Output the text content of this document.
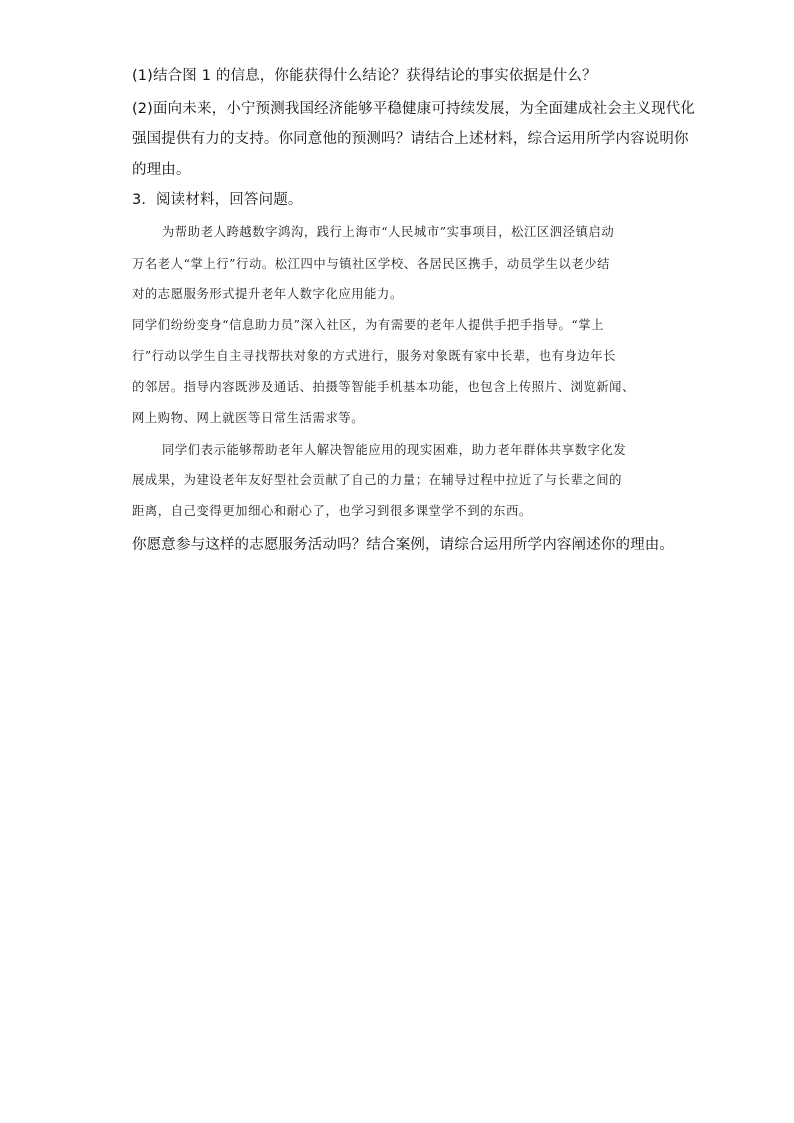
(1)结合图 1 的信息，你能获得什么结论？获得结论的事实依据是什么？
(2)面向未来，小宁预测我国经济能够平稳健康可持续发展，为全面建成社会主义现代化
强国提供有力的支持。你同意他的预测吗？请结合上述材料，综合运用所学内容说明你
的理由。
3．阅读材料，回答问题。
为帮助老人跨越数字鸿沟，践行上海市“人民城市”实事项目，松江区泗泾镇启动
万名老人“掌上行”行动。松江四中与镇社区学校、各居民区携手，动员学生以老少结
对的志愿服务形式提升老年人数字化应用能力。
同学们纷纷变身“信息助力员”深入社区，为有需要的老年人提供手把手指导。“掌上
行”行动以学生自主寻找帮扶对象的方式进行，服务对象既有家中长辈，也有身边年长
的邻居。指导内容既涉及通话、拍摄等智能手机基本功能，也包含上传照片、浏览新闻、
网上购物、网上就医等日常生活需求等。
同学们表示能够帮助老年人解决智能应用的现实困难，助力老年群体共享数字化发
展成果，为建设老年友好型社会贡献了自己的力量；在辅导过程中拉近了与长辈之间的
距离，自己变得更加细心和耐心了，也学习到很多课堂学不到的东西。
你愿意参与这样的志愿服务活动吗？结合案例，请综合运用所学内容阐述你的理由。
